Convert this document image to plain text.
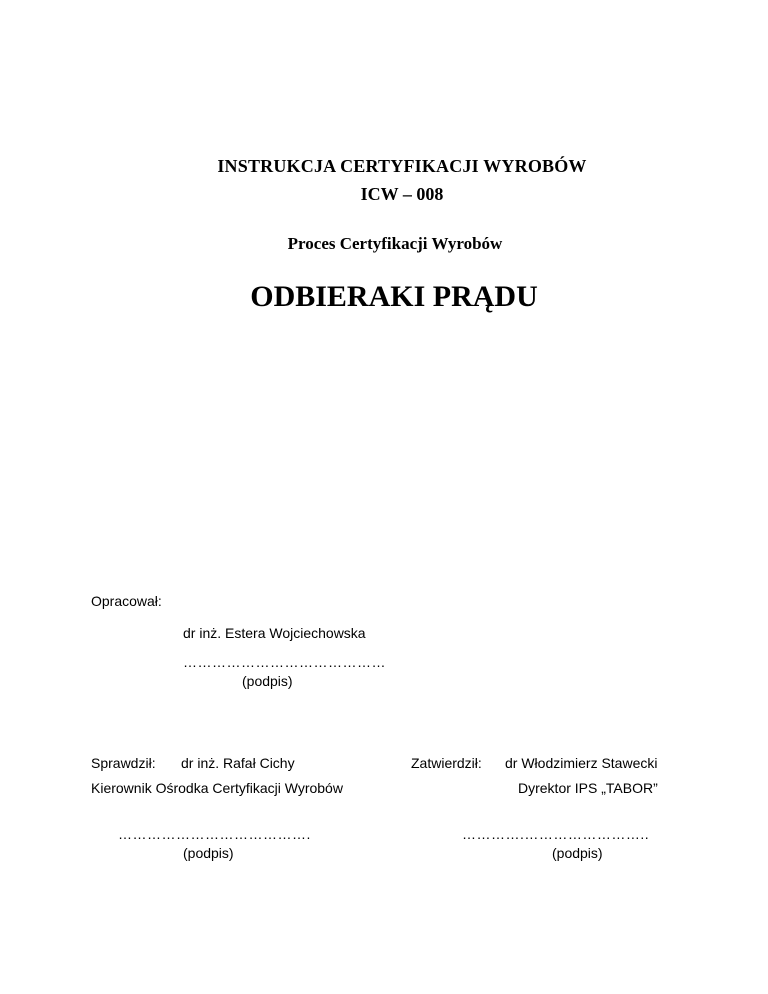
INSTRUKCJA CERTYFIKACJI WYROBÓW
ICW – 008
Proces Certyfikacji Wyrobów
ODBIERAKI PRĄDU
Opracował:
dr inż. Estera Wojciechowska
……………………………………
(podpis)
Sprawdził: dr inż. Rafał Cichy
Kierownik Ośrodka Certyfikacji Wyrobów
………………………………….
(podpis)
Zatwierdził: dr Włodzimierz Stawecki
Dyrektor IPS „TABOR”
………….……………………..
(podpis)
